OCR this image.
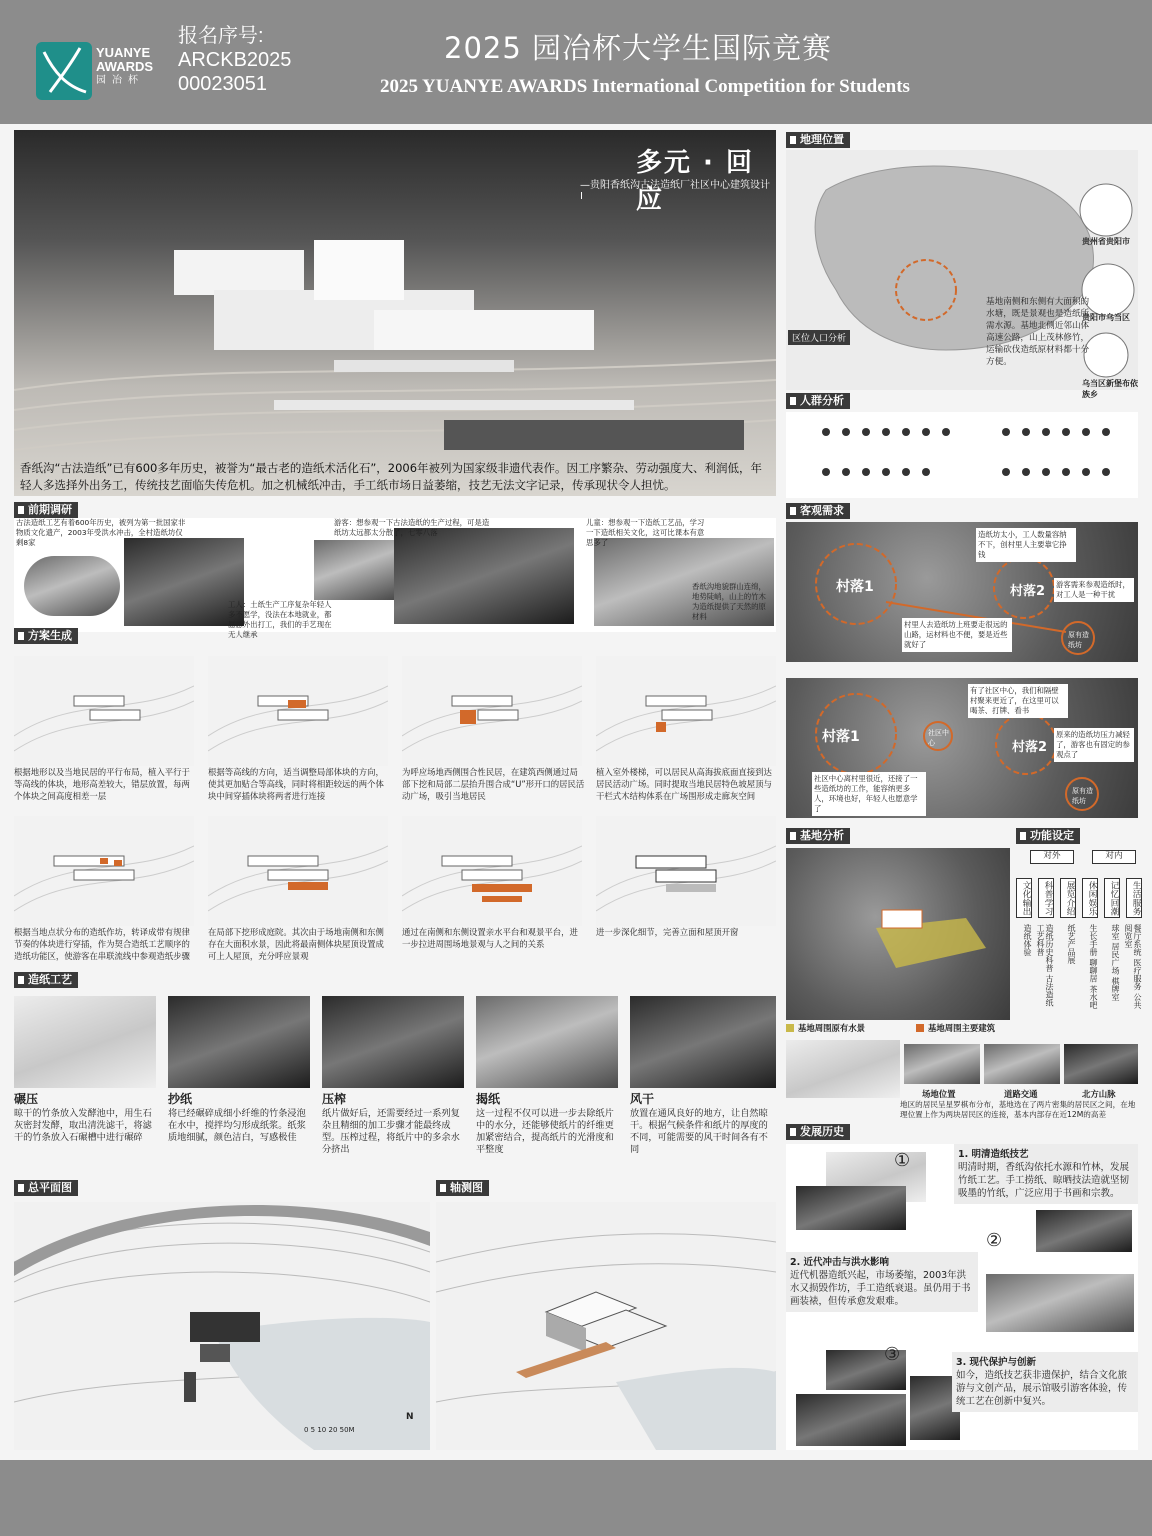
YUANYE
AWARDS
园冶杯
报名序号:
ARCKB2025
00023051
2025 园冶杯大学生国际竞赛
2025 YUANYE AWARDS International Competition for Students
多元 · 回应
—贵阳香纸沟古法造纸厂社区中心建筑设计 I
香纸沟“古法造纸”已有600多年历史，被誉为“最古老的造纸术活化石”，2006年被列为国家级非遗代表作。因工序繁杂、劳动强度大、利润低，年轻人多选择外出务工，传统技艺面临失传危机。加之机械纸冲击，手工纸市场日益萎缩，技艺无法文字记录，传承现状令人担忧。
地理位置
基地南侧和东侧有大面积的水塘，既是景观也是造纸所需水源。基地北侧近邻山体高速公路，山上茂林修竹，运输砍伐造纸原材料都十分方便。
贵州省贵阳市
贵阳市乌当区
乌当区新堡布依族乡
区位人口分析
人群分析
客观需求
村落1	村落2
原有造纸坊
造纸坊太小，工人数量容纳不下，创村里人主要靠它挣钱
游客需来参观造纸时，对工人是一种干扰
村里人去造纸坊上班要走很远的山路，运材料也不便，要是近些就好了
村落1
村落2
社区中心
原有造纸坊
有了社区中心，我们和隔壁村聚来更近了，在这里可以喝茶、打牌、看书
社区中心离村里很近，还接了一些造纸坊的工作，能容纳更多人，环境也好，年轻人也愿意学了
原来的造纸坊压力减轻了，游客也有固定的参观点了
前期调研
古法造纸工艺有着600年历史，被列为第一批国家非物质文化遗产，2003年受洪水冲击，全村造纸坊仅剩8家
游客：想参观一下古法造纸的生产过程，可是造纸坊太远都太分散了，七零八落
儿童：想参观一下造纸工艺品，学习一下造纸相关文化，这可比课本有意思多了
工人：土纸生产工序复杂年轻人多不愿学，没法在本地就业，都愿意外出打工，我们的手艺现在无人继承
香纸沟地貌群山连绵，地势陡峭，山上的竹木为造纸提供了天然的原材料
方案生成
根据地形以及当地民居的平行布局，植入平行于等高线的体块，地形高差较大，错层放置，每两个体块之间高度相差一层
根据等高线的方向，适当调整局部体块的方向，使其更加贴合等高线，同时将相距较远的两个体块中间穿插体块将两者进行连接
为呼应场地西侧围合性民居，在建筑西侧通过局部下挖和局部二层抬升围合成“U”形开口的居民活动广场，吸引当地居民
植入室外楼梯，可以居民从高海拔底面直接到达居民活动广场。同时提取当地民居特色坡屋顶与干栏式木结构体系在广场围形成走廊灰空间
根据当地点状分布的造纸作坊，转译成带有规律节奏的体块进行穿插，作为契合造纸工艺顺序的造纸功能区，使游客在串联流线中参观造纸步骤
在局部下挖形成庭院。其次由于场地南侧和东侧存在大面积水景，因此将最南侧体块屋顶设置成可上人屋顶，充分呼应景观
通过在南侧和东侧设置亲水平台和观景平台，进一步拉进周围场地景观与人之间的关系
进一步深化细节，完善立面和屋顶开窗
基地分析
基地周围原有水景	基地周围主要建筑
场地位置	道路交通	北方山脉
地区的居民呈星罗棋布分布，基地选在了两片密集的居民区之间，在地理位置上作为两块居民区的连接，基本内部存在近12M的高差
功能设定
对外	对内
文化输出	科普学习	展览介绍	休闲娱乐	记忆回潮	生活服务
造纸体验	造纸历史科普 古法造纸工艺科普	纸艺产品展	生长手册 聊聊居 茶水吧	球室 居民广场 棋牌室	餐厅系统 医疗服务 公共阅览室
造纸工艺
碾压	抄纸	压榨	揭纸	风干
晾干的竹条放入发酵池中，用生石灰密封发酵，取出清洗滤干，将滤干的竹条放入石碾槽中进行碾碎
将已经碾碎成细小纤维的竹条浸泡在水中，搅拌均匀形成纸浆。纸浆质地细腻，颜色洁白，写感极佳
纸片做好后，还需要经过一系列复杂且精细的加工步骤才能最终成型。压榨过程，将纸片中的多余水分挤出
这一过程不仅可以进一步去除纸片中的水分，还能够使纸片的纤维更加紧密结合，提高纸片的光滑度和平整度
放置在通风良好的地方，让自然晾干。根据气候条件和纸片的厚度的不同，可能需要的风干时间各有不同
发展历史
①
②
③
1. 明清造纸技艺
明清时期，香纸沟依托水源和竹林，发展竹纸工艺。手工捞纸、晾晒技法造就坚韧吸墨的竹纸，广泛应用于书画和宗教。
2. 近代冲击与洪水影响
近代机器造纸兴起，市场萎缩，2003年洪水又损毁作坊，手工造纸衰退。虽仍用于书画装裱，但传承愈发艰难。
3. 现代保护与创新
如今，造纸技艺获非遗保护，结合文化旅游与文创产品，展示馆吸引游客体验，传统工艺在创新中复兴。
总平面图	轴测图
0 5 10 20 50M
N
